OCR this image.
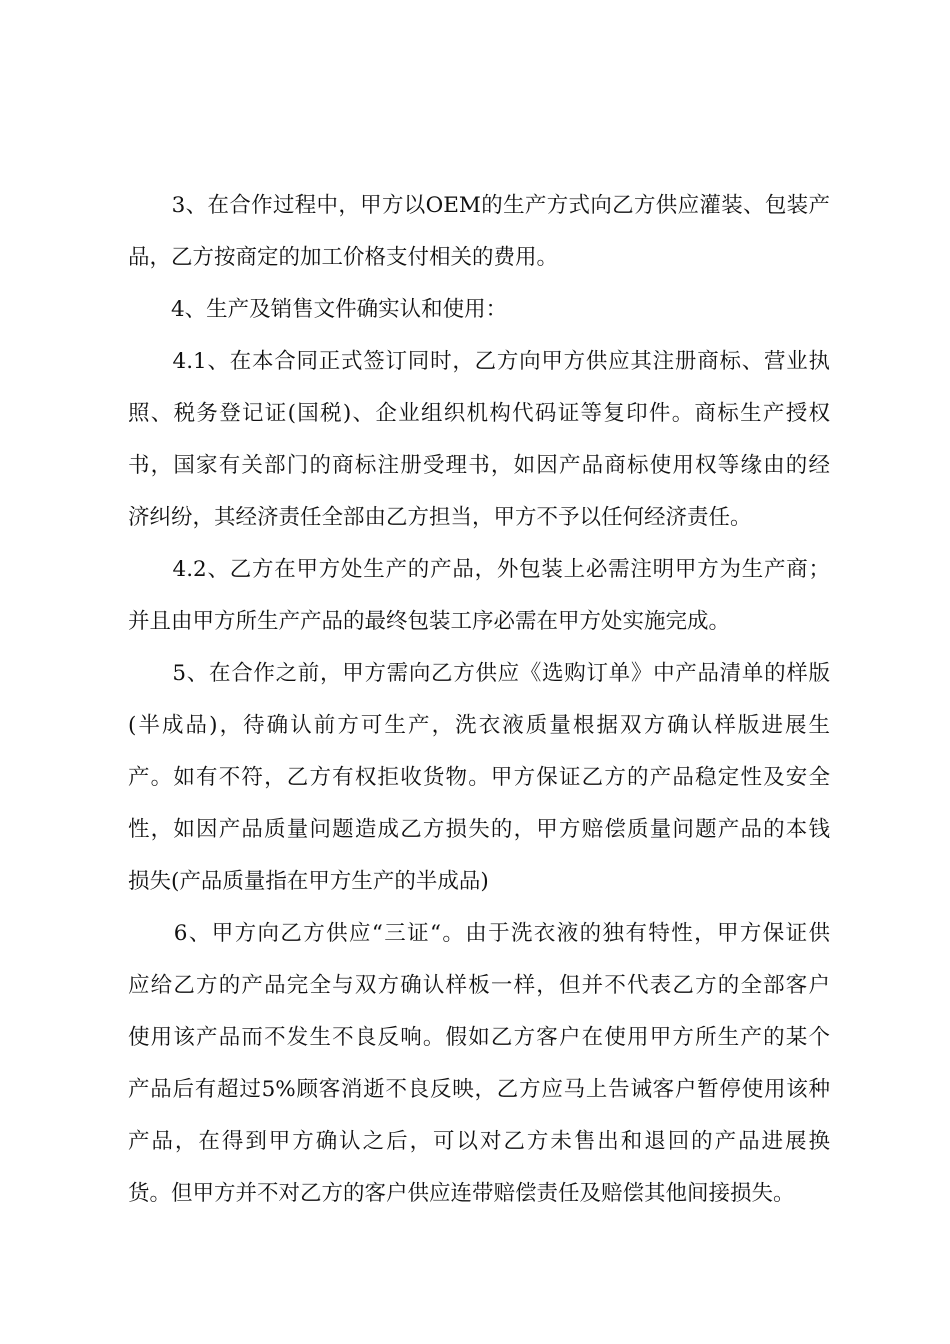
　　3、在合作过程中，甲方以OEM的生产方式向乙方供应灌装、包装产
品，乙方按商定的加工价格支付相关的费用。
　　4、生产及销售文件确实认和使用：
　　4.1、在本合同正式签订同时，乙方向甲方供应其注册商标、营业执
照、税务登记证(国税)、企业组织机构代码证等复印件。商标生产授权
书，国家有关部门的商标注册受理书，如因产品商标使用权等缘由的经
济纠纷，其经济责任全部由乙方担当，甲方不予以任何经济责任。
　　4.2、乙方在甲方处生产的产品，外包装上必需注明甲方为生产商；
并且由甲方所生产产品的最终包装工序必需在甲方处实施完成。
　　5、在合作之前，甲方需向乙方供应《选购订单》中产品清单的样版
(半成品)，待确认前方可生产，洗衣液质量根据双方确认样版进展生
产。如有不符，乙方有权拒收货物。甲方保证乙方的产品稳定性及安全
性，如因产品质量问题造成乙方损失的，甲方赔偿质量问题产品的本钱
损失(产品质量指在甲方生产的半成品)
　　6、甲方向乙方供应“三证“。由于洗衣液的独有特性，甲方保证供
应给乙方的产品完全与双方确认样板一样，但并不代表乙方的全部客户
使用该产品而不发生不良反响。假如乙方客户在使用甲方所生产的某个
产品后有超过5%顾客消逝不良反映，乙方应马上告诫客户暂停使用该种
产品，在得到甲方确认之后，可以对乙方未售出和退回的产品进展换
货。但甲方并不对乙方的客户供应连带赔偿责任及赔偿其他间接损失。
